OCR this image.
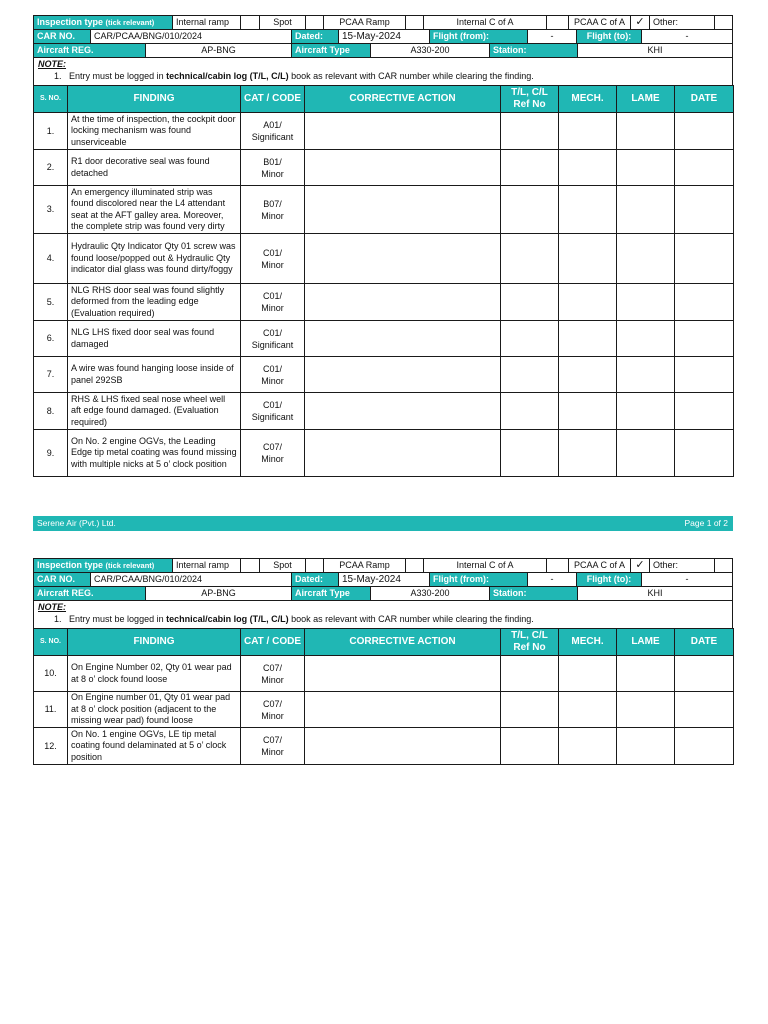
Inspection type (tick relevant)	Internal ramp	Spot	PCAA Ramp	Internal C of A	PCAA C of A ✓ Other:
CAR NO.	CAR/PCAA/BNG/010/2024	Dated:	15-May-2024	Flight (from):	-	Flight (to):	-
Aircraft REG.	AP-BNG	Aircraft Type	A330-200	Station:	KHI
NOTE:
1. Entry must be logged in technical/cabin log (T/L, C/L) book as relevant with CAR number while clearing the finding.
S. NO.	FINDING	CAT / CODE	CORRECTIVE ACTION	T/L, C/L Ref No	MECH.	LAME	DATE
1.	At the time of inspection, the cockpit door locking mechanism was found unserviceable	A01/
Significant					
2.	R1 door decorative seal was found detached	B01/
Minor					
3.	An emergency illuminated strip was found discolored near the L4 attendant seat at the AFT galley area. Moreover, the complete strip was found very dirty	B07/
Minor					
4.	Hydraulic Qty Indicator Qty 01 screw was found loose/popped out & Hydraulic Qty indicator dial glass was found dirty/foggy	C01/
Minor					
5.	NLG RHS door seal was found slightly deformed from the leading edge (Evaluation required)	C01/
Minor					
6.	NLG LHS fixed door seal was found damaged	C01/
Significant					
7.	A wire was found hanging loose inside of panel 292SB	C01/
Minor					
8.	RHS & LHS fixed seal nose wheel well aft edge found damaged. (Evaluation required)	C01/
Significant					
9.	On No. 2 engine OGVs, the Leading Edge tip metal coating was found missing with multiple nicks at 5 o’ clock position	C07/
Minor					
Serene Air (Pvt.) Ltd.	Page 1 of 2
Inspection type (tick relevant)	Internal ramp	Spot	PCAA Ramp	Internal C of A	PCAA C of A ✓ Other:
CAR NO.	CAR/PCAA/BNG/010/2024	Dated:	15-May-2024	Flight (from):	-	Flight (to):	-
Aircraft REG.	AP-BNG	Aircraft Type	A330-200	Station:	KHI
NOTE:
1. Entry must be logged in technical/cabin log (T/L, C/L) book as relevant with CAR number while clearing the finding.
S. NO.	FINDING	CAT / CODE	CORRECTIVE ACTION	T/L, C/L Ref No	MECH.	LAME	DATE
10.	On Engine Number 02, Qty 01 wear pad at 8 o’ clock found loose	C07/
Minor					
11.	On Engine number 01, Qty 01 wear pad at 8 o’ clock position (adjacent to the missing wear pad) found loose	C07/
Minor					
12.	On No. 1 engine OGVs, LE tip metal coating found delaminated at 5 o’ clock position	C07/
Minor					
